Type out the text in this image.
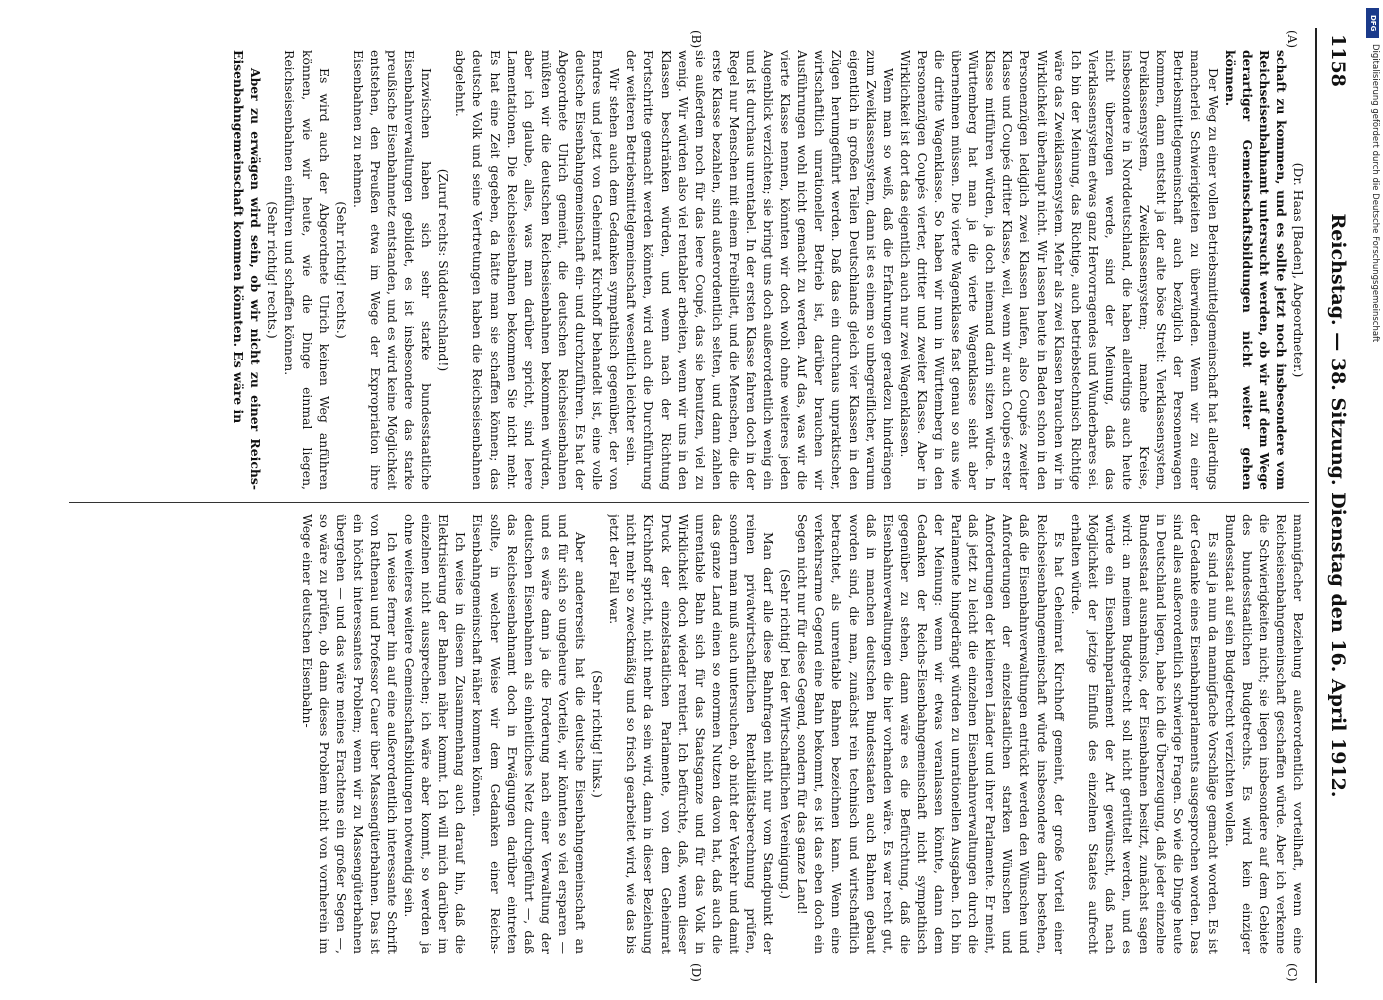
DFG
Digitalisierung gefördert durch die Deutsche Forschungsgemeinschaft
1158
Reichstag. — 38. Sitzung. Dienstag den 16. April 1912.
(A)
(B)
(C)
(D)

(Dr. Haas [Baden], Abgeordneter.)

schaft zu kommen, und es sollte jetzt noch insbesondere vom Reichseisenbahnamt untersucht werden, ob wir auf dem Wege derartiger Gemeinschaftsbildungen nicht weiter gehen können.

Der Weg zu einer vollen Betriebsmittelgemeinschaft hat allerdings mancherlei Schwierigkeiten zu überwinden. Wenn wir zu einer Betriebsmittelgemeinschaft auch bezüglich der Personenwagen kommen, dann entsteht ja der alte böse Streit: Vierklassensystem, Dreiklassensystem, Zweiklassensystem; manche Kreise, insbesondere in Norddeutschland, die haben allerdings auch heute nicht überzeugen werde, sind der Meinung, daß das Vierklassensystem etwas ganz Hervorragendes und Wunderbares sei. Ich bin der Meinung, das Richtige, auch betriebstechnisch Richtige wäre das Zweiklassensystem. Mehr als zwei Klassen brauchen wir in Wirklichkeit überhaupt nicht. Wir lassen heute in Baden schon in den Personenzügen lediglich zwei Klassen laufen, also Coupés zweiter Klasse und Coupés dritter Klasse, weil, wenn wir auch Coupés erster Klasse mitführen würden, ja doch niemand darin sitzen würde. In Württemberg hat man ja die vierte Wagenklasse sieht aber übernehmen müssen. Die vierte Wagenklasse fast genau so aus wie die dritte Wagenklasse. So haben wir nun in Württemberg in den Personenzügen Coupés vierter, dritter und zweiter Klasse. Aber in Wirklichkeit ist dort das eigentlich auch nur zwei Wagenklassen.

Wenn man so weiß, daß die Erfahrungen geradezu hindrängen zum Zweiklassensystem, dann ist es einem so unbegreiflicher, warum eigentlich in großen Teilen Deutschlands gleich vier Klassen in den Zügen herumgeführt werden. Daß das ein durchaus unpraktischer, wirtschaftlich unrationeller Betrieb ist, darüber brauchen wir Ausführungen wohl nicht gemacht zu werden. Auf das, was wir die vierte Klasse nennen, könnten wir doch wohl ohne weiteres jeden Augenblick verzichten; sie bringt uns doch außerordentlich wenig ein und ist durchaus unrentabel. In der ersten Klasse fahren doch in der Regel nur Menschen mit einem Freibillett, und die Menschen, die die erste Klasse bezahlen, sind außerordentlich selten, und dann zahlen sie außerdem noch für das leere Coupé, das sie benutzen, viel zu wenig. Wir würden also viel rentabler arbeiten, wenn wir uns in den Klassen beschränken würden, und wenn nach der Richtung Fortschritte gemacht werden könnten, wird auch die Durchführung der weiteren Betriebsmittelgemeinschaft wesentlich leichter sein.

Wir stehen auch dem Gedanken sympathisch gegenüber, der von Endres und jetzt von Geheimrat Kirchhoff behandelt ist, eine volle deutsche Eisenbahngemeinschaft ein- und durchzuführen. Es hat der Abgeordnete Ulrich gemeint, die deutschen Reichseisenbahnen müßten wir die deutschen Reichseisenbahnen bekommen würden, aber ich glaube, alles, was man darüber spricht, sind leere Lamentationen. Die Reichseisenbahnen bekommen Sie nicht mehr. Es hat eine Zeit gegeben, da hätte man sie schaffen können; das deutsche Volk und seine Vertretungen haben die Reichseisenbahnen abgelehnt.

(Zuruf rechts: Süddeutschland!)

Inzwischen haben sich sehr starke bundesstaatliche Eisenbahnverwaltungen gebildet, es ist insbesondere das starke preußische Eisenbahnnetz entstanden, und es wird keine Möglichkeit entstehen, den Preußen etwa im Wege der Expropriation ihre Eisenbahnen zu nehmen.

(Sehr richtig! rechts.)

Es wird auch der Abgeordnete Ulrich keinen Weg anführen können, wie wir heute, wie die Dinge einmal liegen, Reichseisenbahnen einführen und schaffen können.

(Sehr richtig! rechts.)

Aber zu erwägen wird sein, ob wir nicht zu einer Reichs-Eisenbahngemeinschaft kommen könnten. Es wäre in

mannigfacher Beziehung außerordentlich vorteilhaft, wenn eine Reichseisenbahngemeinschaft geschaffen würde. Aber ich verkenne die Schwierigkeiten nicht; sie liegen insbesondere auf dem Gebiete des bundesstaatlichen Budgetrechts. Es wird kein einziger Bundesstaat auf sein Budgetrecht verzichten wollen.

Es sind ja nun da mannigfache Vorschläge gemacht worden. Es ist der Gedanke eines Eisenbahnparlaments ausgesprochen worden. Das sind alles außerordentlich schwierige Fragen. So wie die Dinge heute in Deutschland liegen, habe ich die Überzeugung, daß jeder einzelne Bundesstaat ausnahmslos, der Eisenbahnen besitzt, zunächst sagen wird: an meinem Budgetrecht soll nicht gerüttelt werden, und es würde ein Eisenbahnparlament der Art gewünscht, daß nach Möglichkeit der jetzige Einfluß des einzelnen Staates aufrecht erhalten würde.

Es hat Geheimrat Kirchhoff gemeint, der große Vorteil einer Reichseisenbahngemeinschaft würde insbesondere darin bestehen, daß die Eisenbahnverwaltungen entrückt werden den Wünschen und Anforderungen der einzelstaatlichen starken Wünschen und Anforderungen der kleineren Länder und ihrer Parlamente. Er meint, daß jetzt zu leicht die einzelnen Eisenbahnverwaltungen durch die Parlamente hingedrängt würden zu unrationellen Ausgaben. Ich bin der Meinung: wenn wir etwas veranlassen könnte, dann dem Gedanken der Reichs-Eisenbahngemeinschaft nicht sympathisch gegenüber zu stehen, dann wäre es die Befürchtung, daß die Eisenbahnverwaltungen die hier vorhanden wäre. Es war recht gut, daß in manchen deutschen Bundesstaaten auch Bahnen gebaut worden sind, die man, zunächst rein technisch und wirtschaftlich betrachtet, als unrentable Bahnen bezeichnen kann. Wenn eine verkehrsarme Gegend eine Bahn bekommt, es ist das eben doch ein Segen nicht nur für diese Gegend, sondern für das ganze Land!

(Sehr richtig! bei der Wirtschaftlichen Vereinigung.)

Man darf alle diese Bahnfragen nicht nur vom Standpunkt der reinen privatwirtschaftlichen Rentabilitätsberechnung prüfen, sondern man muß auch untersuchen, ob nicht der Verkehr und damit das ganze Land einen so enormen Nutzen davon hat, daß auch die unrentable Bahn sich für das Staatsganze und für das Volk in Wirklichkeit doch wieder rentiert. Ich befürchte, daß, wenn dieser Druck der einzelstaatlichen Parlamente, von dem Geheimrat Kirchhoff spricht, nicht mehr da sein wird, dann in dieser Beziehung nicht mehr so zweckmäßig und so frisch gearbeitet wird, wie das bis jetzt der Fall war.

(Sehr richtig! links.)

Aber andererseits hat die deutsche Eisenbahngemeinschaft an und für sich so ungeheure Vorteile, wir könnten so viel ersparen — und es wäre dann ja die Forderung nach einer Verwaltung der deutschen Eisenbahnen als einheitliches Netz durchgeführt —, daß das Reichseisenbahnamt doch in Erwägungen darüber eintreten sollte, in welcher Weise wir dem Gedanken einer Reichs-Eisenbahngemeinschaft näher kommen können.

Ich weise in diesem Zusammenhang auch darauf hin, daß die Elektrisierung der Bahnen näher kommt. Ich will mich darüber im einzelnen nicht aussprechen; ich wäre aber kommt, so werden ja ohne weiteres weitere Gemeinschaftsbildungen notwendig sein.

Ich weise ferner hin auf eine außerordentlich interessante Schrift von Rathenau und Professor Cauer über Massengüterbahnen. Das ist ein höchst interessantes Problem; wenn wir zu Massengüterbahnen übergehen — und das wäre meines Erachtens ein großer Segen —, so wäre zu prüfen, ob dann dieses Problem nicht von vornherein im Wege einer deutschen Eisenbahn-
